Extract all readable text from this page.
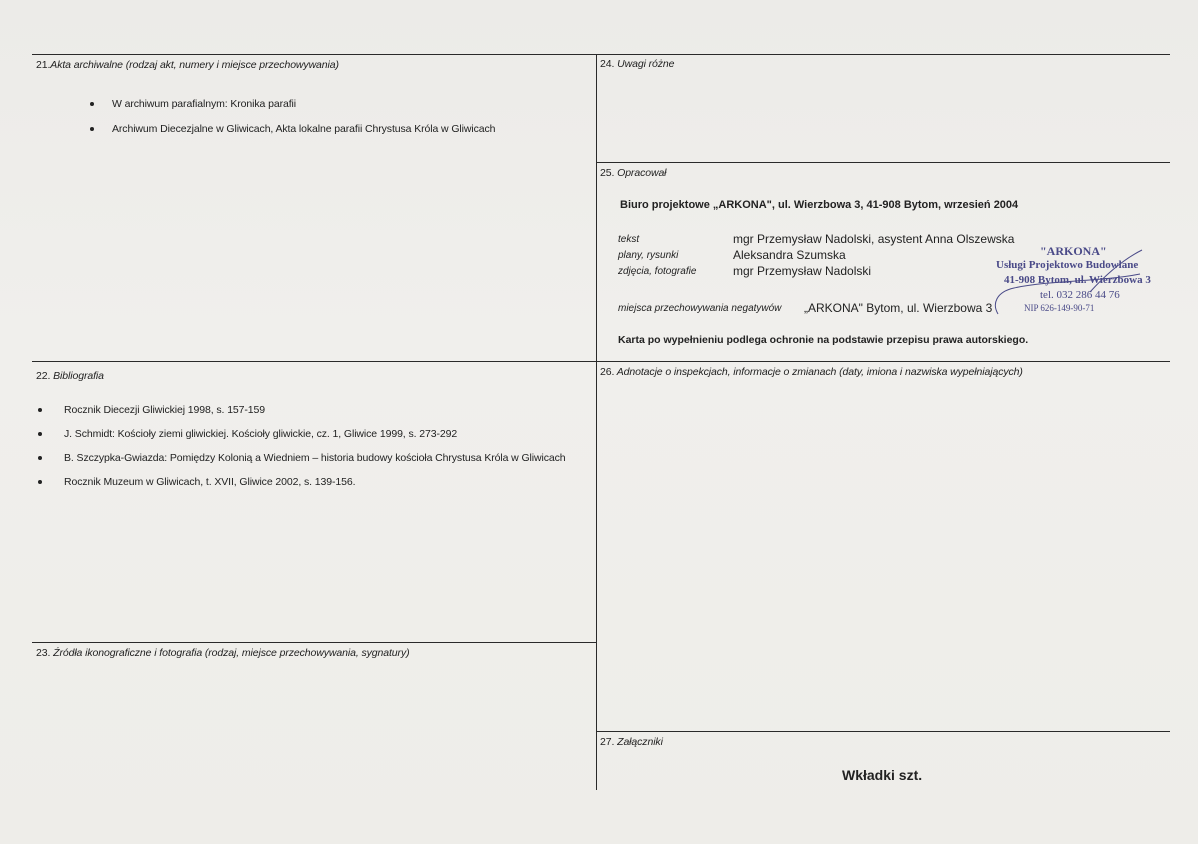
21.Akta archiwalne (rodzaj akt, numery i miejsce przechowywania)
W archiwum parafialnym: Kronika parafii
Archiwum Diecezjalne w Gliwicach, Akta lokalne parafii Chrystusa Króla w Gliwicach
22. Bibliografia
Rocznik Diecezji Gliwickiej 1998, s. 157-159
J. Schmidt: Kościoły ziemi gliwickiej. Kościoły gliwickie, cz. 1, Gliwice 1999, s. 273-292
B. Szczypka-Gwiazda: Pomiędzy Kolonią a Wiedniem – historia budowy kościoła Chrystusa Króla w Gliwicach
Rocznik Muzeum w Gliwicach, t. XVII, Gliwice 2002, s. 139-156.
23. Źródła ikonograficzne i fotografia (rodzaj, miejsce przechowywania, sygnatury)
24. Uwagi różne
25. Opracował
Biuro projektowe „ARKONA", ul. Wierzbowa 3, 41-908 Bytom, wrzesień 2004
tekst	mgr Przemysław Nadolski, asystent Anna Olszewska
plany, rysunki	Aleksandra Szumska
zdjęcia, fotografie	mgr Przemysław Nadolski
miejsca przechowywania negatywów „ARKONA" Bytom, ul. Wierzbowa 3
Karta po wypełnieniu podlega ochronie na podstawie przepisu prawa autorskiego.
"ARKONA"
Usługi Projektowo Budowlane
41-908 Bytom, ul. Wierzbowa 3
tel. 032 286 44 76
NIP 626-149-90-71
26. Adnotacje o inspekcjach, informacje o zmianach (daty, imiona i nazwiska wypełniających)
27. Załączniki
Wkładki szt.
